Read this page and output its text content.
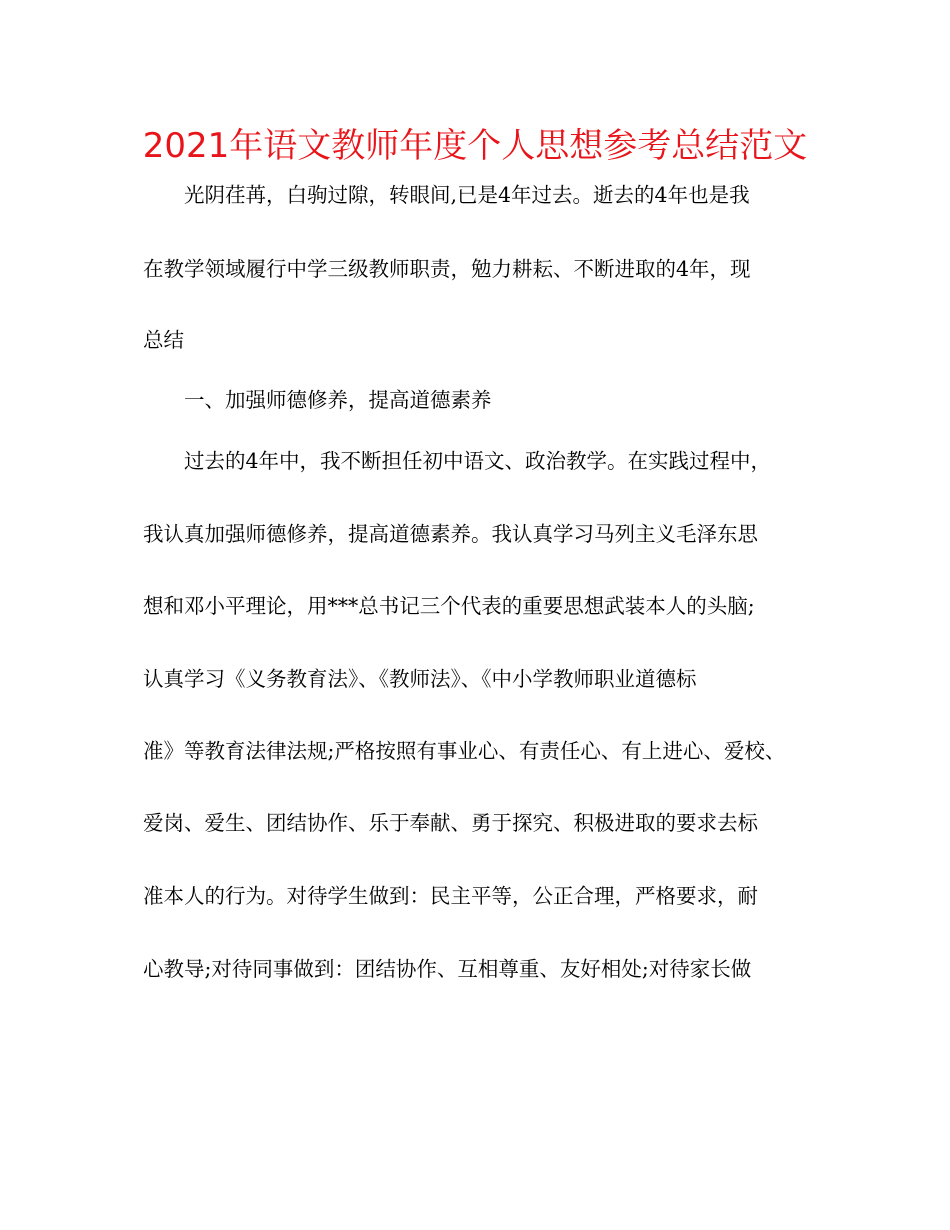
2021年语文教师年度个人思想参考总结范文
光阴荏苒，白驹过隙，转眼间,已是4年过去。逝去的4年也是我
在教学领域履行中学三级教师职责，勉力耕耘、不断进取的4年，现
总结
一、加强师德修养，提高道德素养
过去的4年中，我不断担任初中语文、政治教学。在实践过程中，
我认真加强师德修养，提高道德素养。我认真学习马列主义毛泽东思
想和邓小平理论，用***总书记三个代表的重要思想武装本人的头脑;
认真学习《义务教育法》、《教师法》、《中小学教师职业道德标
准》等教育法律法规;严格按照有事业心、有责任心、有上进心、爱校、
爱岗、爱生、团结协作、乐于奉献、勇于探究、积极进取的要求去标
准本人的行为。对待学生做到：民主平等，公正合理，严格要求，耐
心教导;对待同事做到：团结协作、互相尊重、友好相处;对待家长做
